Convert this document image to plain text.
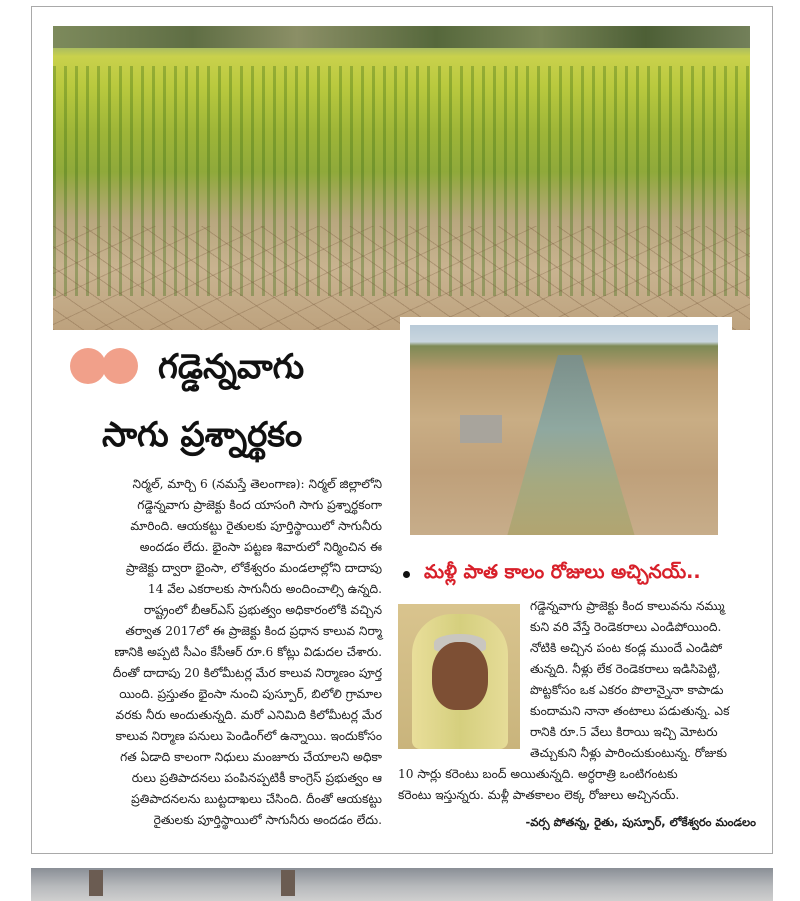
గడ్డెన్నవాగు
సాగు ప్రశ్నార్థకం
నిర్మల్‌, మార్చి 6 (నమస్తే తెలంగాణ): నిర్మల్‌ జిల్లాలోని
గడ్డెన్నవాగు ప్రాజెక్టు కింద యాసంగి సాగు ప్రశ్నార్థకంగా
మారింది. ఆయకట్టు రైతులకు పూర్తిస్థాయిలో సాగునీరు
అందడం లేదు. భైంసా పట్టణ శివారులో నిర్మించిన ఈ
ప్రాజెక్టు ద్వారా భైంసా, లోకేశ్వరం మండలాల్లోని దాదాపు
14 వేల ఎకరాలకు సాగునీరు అందించాల్సి ఉన్నది.
రాష్ట్రంలో బీఆర్‌ఎస్‌ ప్రభుత్వం అధికారంలోకి వచ్చిన
తర్వాత 2017లో ఈ ప్రాజెక్టు కింద ప్రధాన కాలువ నిర్మా
ణానికి అప్పటి సీఎం కేసీఆర్‌ రూ.6 కోట్లు విడుదల చేశారు.
దీంతో దాదాపు 20 కిలోమీటర్ల మేర కాలువ నిర్మాణం పూర్త
యింది. ప్రస్తుతం భైంసా నుంచి పుస్పూర్‌, బిలోలి గ్రామాల
వరకు నీరు అందుతున్నది. మరో ఎనిమిది కిలోమీటర్ల మేర
కాలువ నిర్మాణ పనులు పెండింగ్‌లో ఉన్నాయి. ఇందుకోసం
గత ఏడాది కాలంగా నిధులు మంజూరు చేయాలని అధికా
రులు ప్రతిపాదనలు పంపినప్పటికీ కాంగ్రెస్‌ ప్రభుత్వం ఆ
ప్రతిపాదనలను బుట్టదాఖలు చేసింది. దీంతో ఆయకట్టు
రైతులకు పూర్తిస్థాయిలో సాగునీరు అందడం లేదు.
మళ్లీ పాత కాలం రోజులు అచ్చినయ్‌..
గడ్డెన్నవాగు ప్రాజెక్టు కింద కాలువను నమ్ము
కుని వరి వేస్తే రెండెకరాలు ఎండిపోయింది.
నోటికి అచ్చిన పంట కండ్ల ముందే ఎండిపో
తున్నది. నీళ్లు లేక రెండెకరాలు ఇడిసిపెట్టి,
పొట్టకోసం ఒక ఎకరం పొలాన్నైనా కాపాడు
కుందామని నానా తంటాలు పడుతున్న. ఎక
రానికి రూ.5 వేలు కిరాయి ఇచ్చి మోటరు
తెచ్చుకుని నీళ్లు పారించుకుంటున్న. రోజుకు
10 సార్లు కరెంటు బంద్‌ అయితున్నది. అర్ధరాత్రి ఒంటిగంటకు
కరెంటు ఇస్తున్నరు. మళ్లీ పాతకాలం లెక్క రోజులు అచ్చినయ్‌.
-వర్స పోతన్న, రైతు, పుస్పూర్‌, లోకేశ్వరం మండలం
